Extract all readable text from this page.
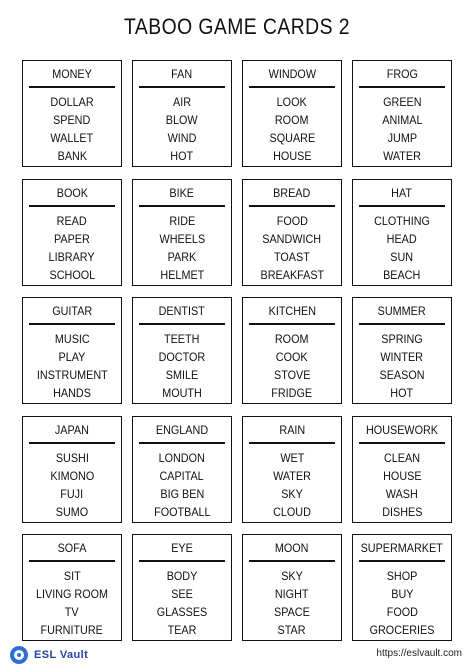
TABOO GAME CARDS 2
MONEY
DOLLAR
SPEND
WALLET
BANK
FAN
AIR
BLOW
WIND
HOT
WINDOW
LOOK
ROOM
SQUARE
HOUSE
FROG
GREEN
ANIMAL
JUMP
WATER
BOOK
READ
PAPER
LIBRARY
SCHOOL
BIKE
RIDE
WHEELS
PARK
HELMET
BREAD
FOOD
SANDWICH
TOAST
BREAKFAST
HAT
CLOTHING
HEAD
SUN
BEACH
GUITAR
MUSIC
PLAY
INSTRUMENT
HANDS
DENTIST
TEETH
DOCTOR
SMILE
MOUTH
KITCHEN
ROOM
COOK
STOVE
FRIDGE
SUMMER
SPRING
WINTER
SEASON
HOT
JAPAN
SUSHI
KIMONO
FUJI
SUMO
ENGLAND
LONDON
CAPITAL
BIG BEN
FOOTBALL
RAIN
WET
WATER
SKY
CLOUD
HOUSEWORK
CLEAN
HOUSE
WASH
DISHES
SOFA
SIT
LIVING ROOM
TV
FURNITURE
EYE
BODY
SEE
GLASSES
TEAR
MOON
SKY
NIGHT
SPACE
STAR
SUPERMARKET
SHOP
BUY
FOOD
GROCERIES
ESL Vault	https://eslvault.com
